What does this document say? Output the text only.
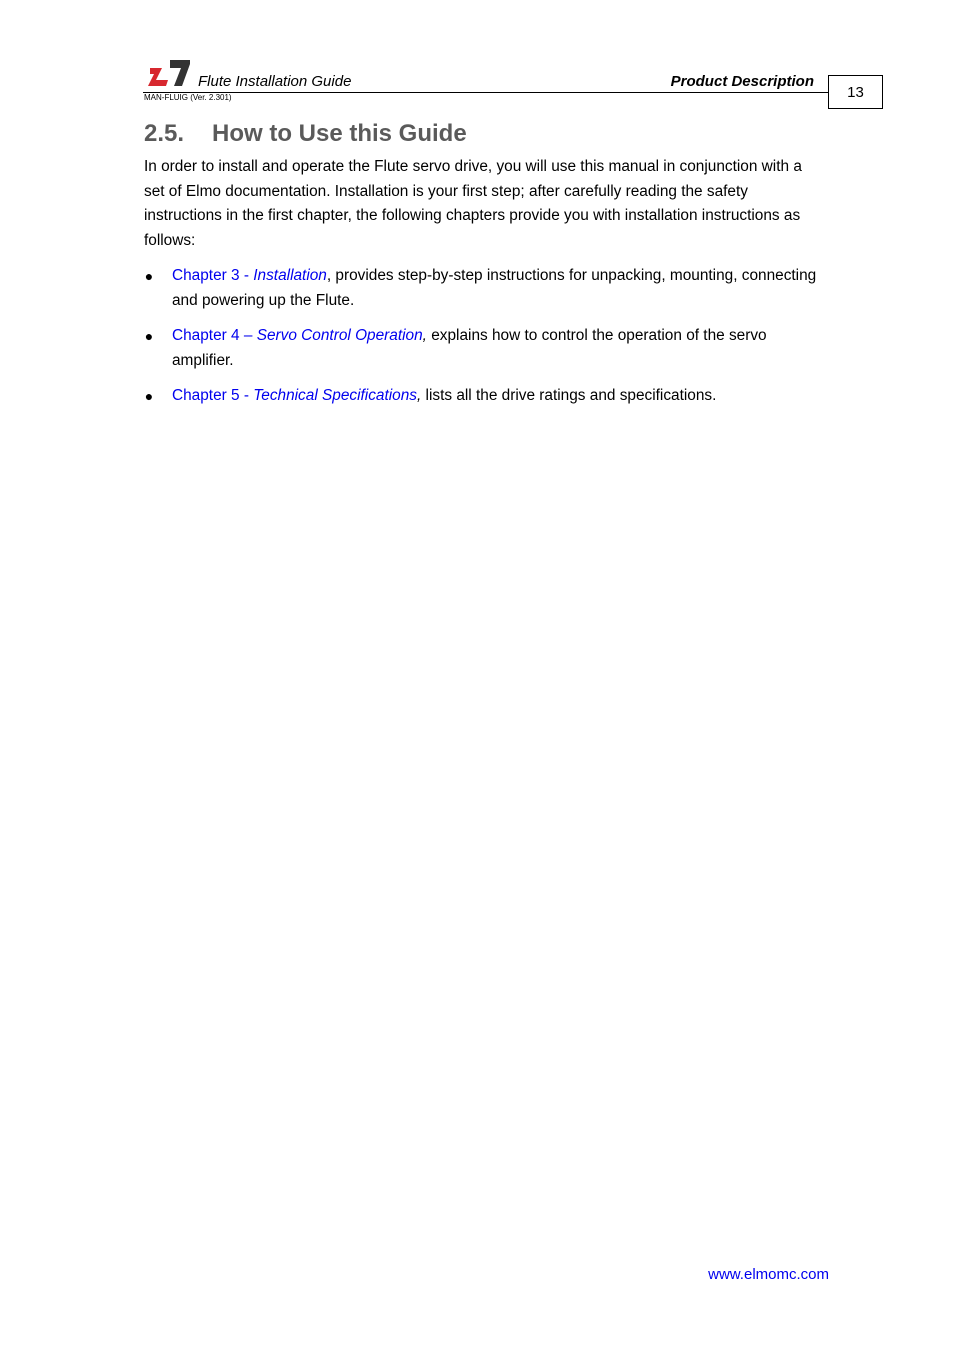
Flute Installation Guide	Product Description
MAN-FLUIG (Ver. 2.301)	13
2.5.	How to Use this Guide

In order to install and operate the Flute servo drive, you will use this manual in conjunction with a set of Elmo documentation. Installation is your first step; after carefully reading the safety instructions in the first chapter, the following chapters provide you with installation instructions as follows:

● Chapter 3 - Installation, provides step-by-step instructions for unpacking, mounting, connecting and powering up the Flute.
● Chapter 4 – Servo Control Operation, explains how to control the operation of the servo amplifier.
● Chapter 5 - Technical Specifications, lists all the drive ratings and specifications.
www.elmomc.com
